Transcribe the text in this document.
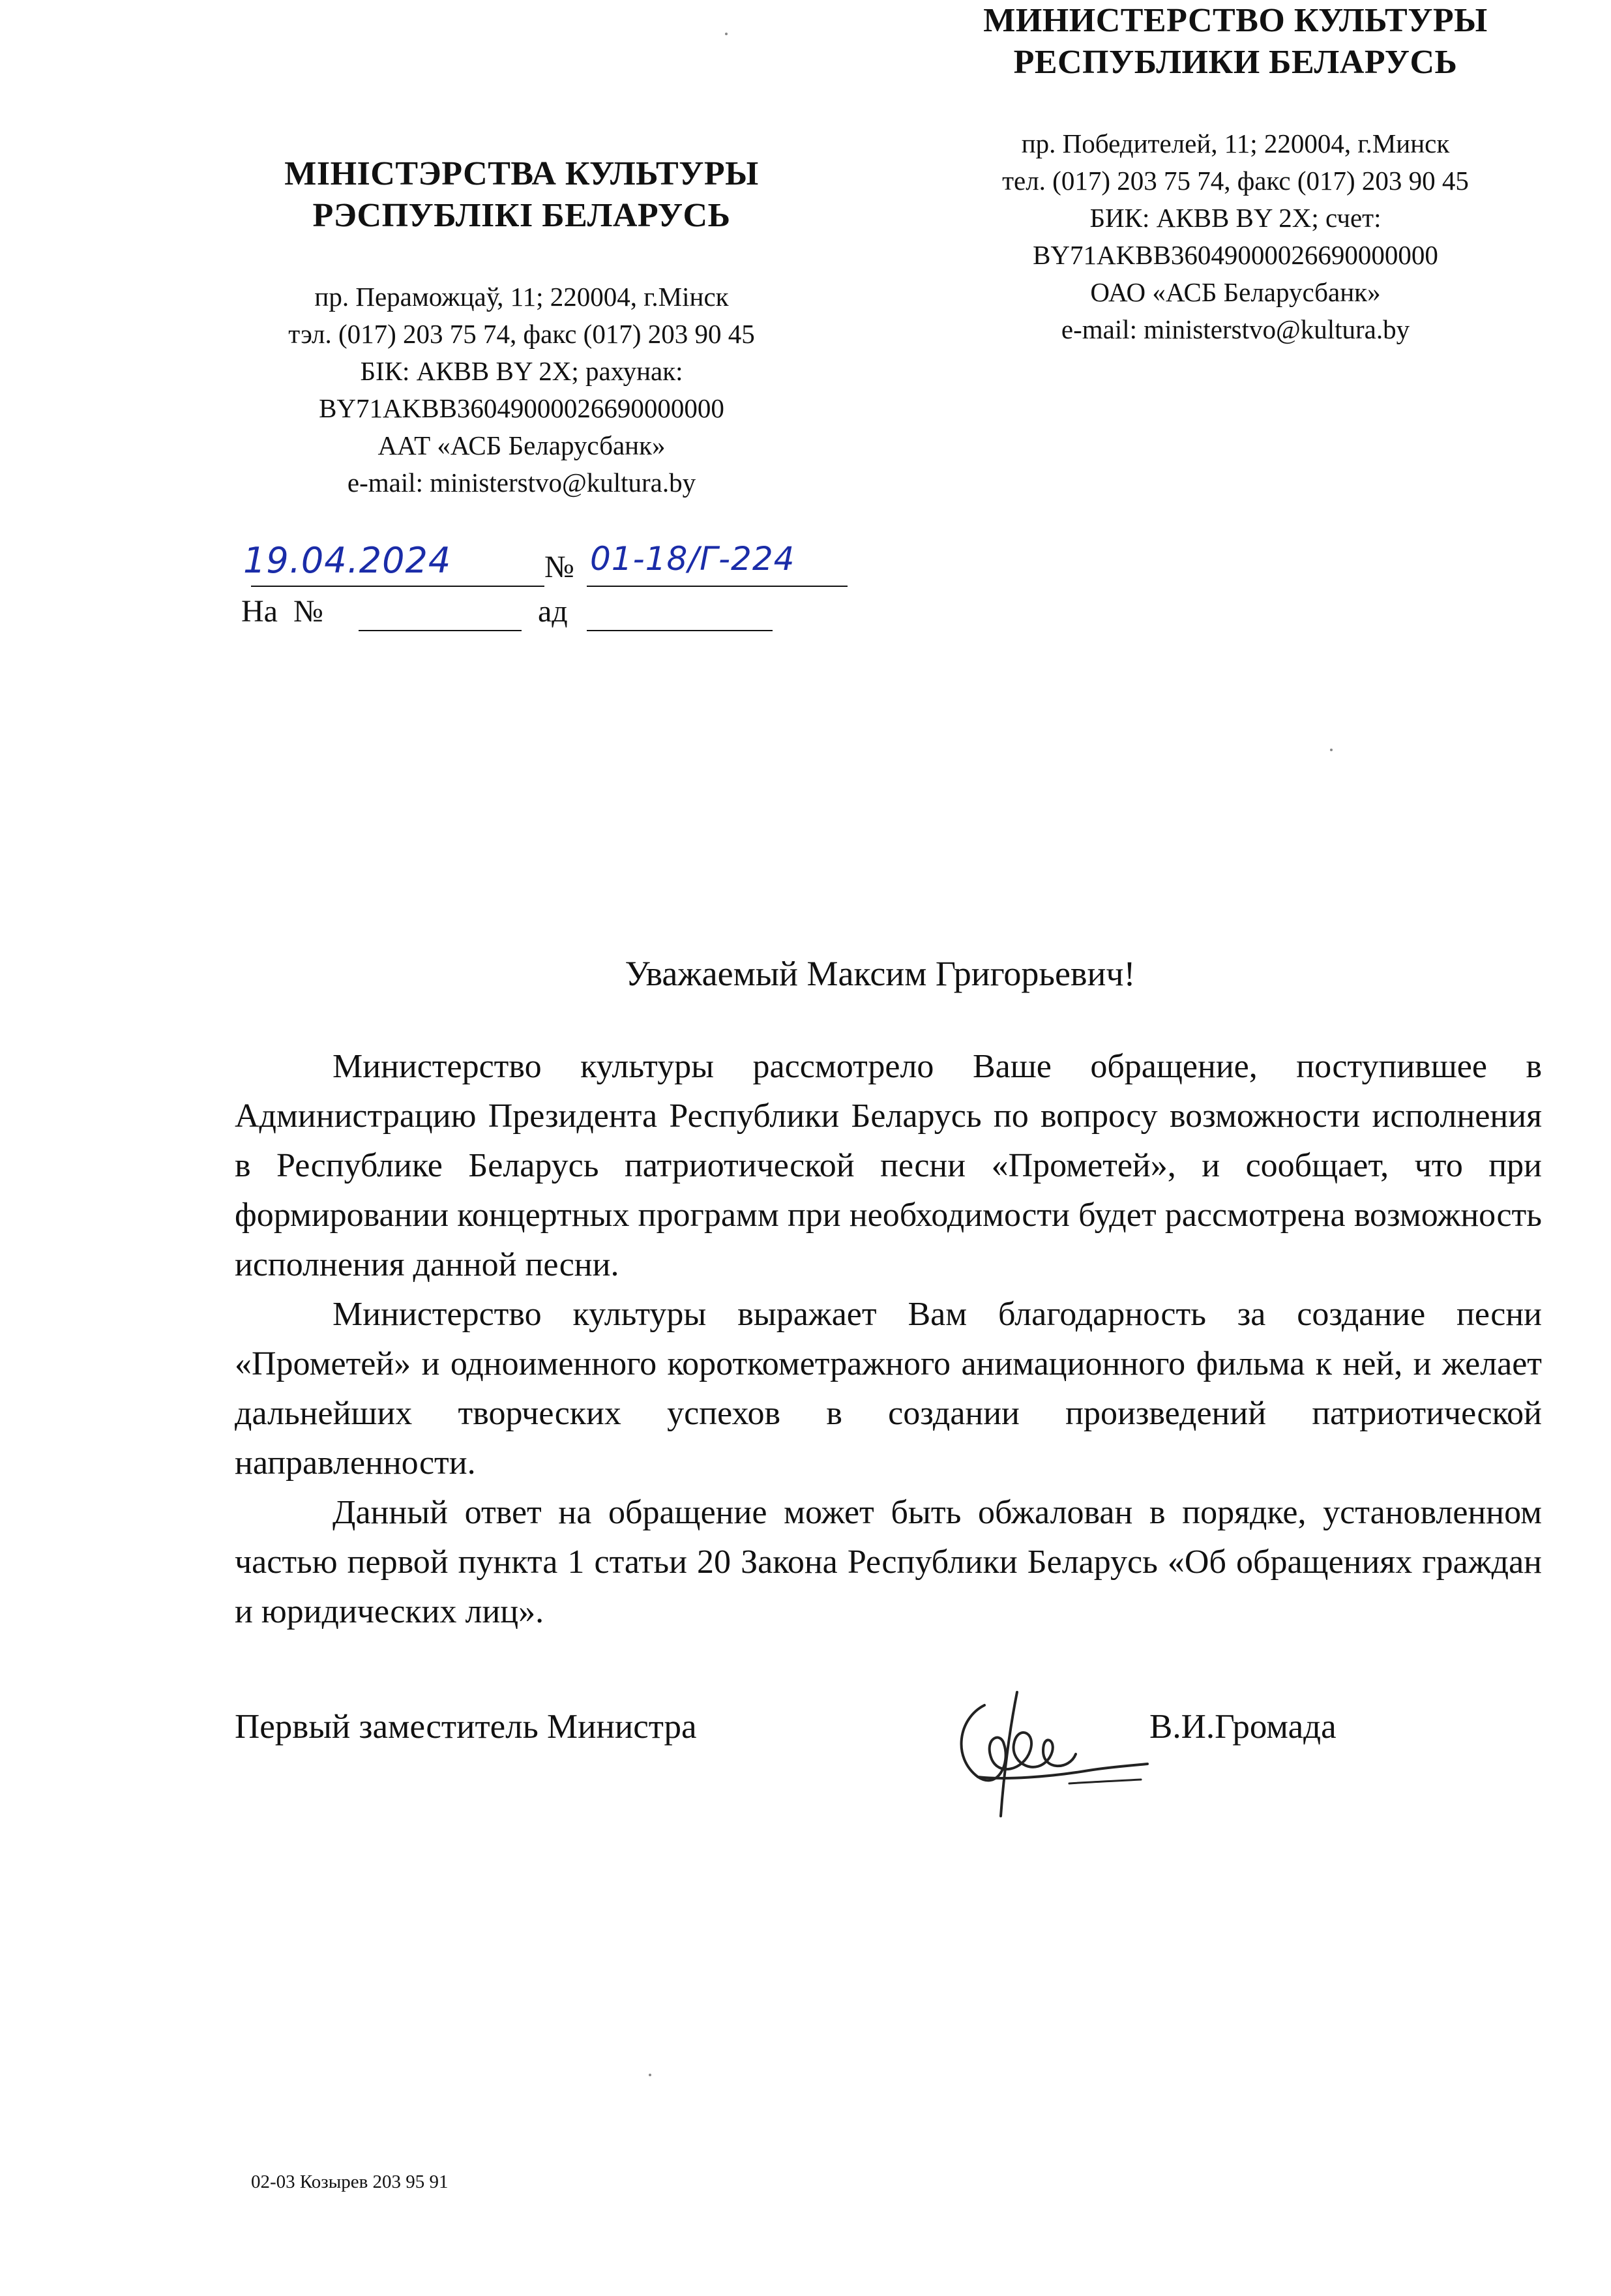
МІНІСТЭРСТВА КУЛЬТУРЫ
РЭСПУБЛІКІ БЕЛАРУСЬ
пр. Пераможцаў, 11; 220004, г.Мінск
тэл. (017) 203 75 74, факс (017) 203 90 45
БІК: АКВВ BY 2X; рахунак:
BY71AKBB36049000026690000000
ААТ «АСБ Беларусбанк»
e-mail: ministerstvo@kultura.by
МИНИСТЕРСТВО КУЛЬТУРЫ
РЕСПУБЛИКИ БЕЛАРУСЬ
пр. Победителей, 11; 220004, г.Минск
тел. (017) 203 75 74, факс (017) 203 90 45
БИК: АКВВ BY 2X; счет:
BY71AKBB36049000026690000000
ОАО «АСБ Беларусбанк»
e-mail: ministerstvo@kultura.by
19.04.2024	№ 01-18/Г-224
На  №	ад
Уважаемый Максим Григорьевич!

Министерство культуры рассмотрело Ваше обращение, поступившее в Администрацию Президента Республики Беларусь по вопросу возможности исполнения в Республике Беларусь патриотической песни «Прометей», и сообщает, что при формировании концертных программ при необходимости будет рассмотрена возможность исполнения данной песни.

Министерство культуры выражает Вам благодарность за создание песни «Прометей» и одноименного короткометражного анимационного фильма к ней, и желает дальнейших творческих успехов в создании произведений патриотической направленности.

Данный ответ на обращение может быть обжалован в порядке, установленном частью первой пункта 1 статьи 20 Закона Республики Беларусь «Об обращениях граждан и юридических лиц».

Первый заместитель Министра	В.И.Громада
02-03 Козырев 203 95 91
